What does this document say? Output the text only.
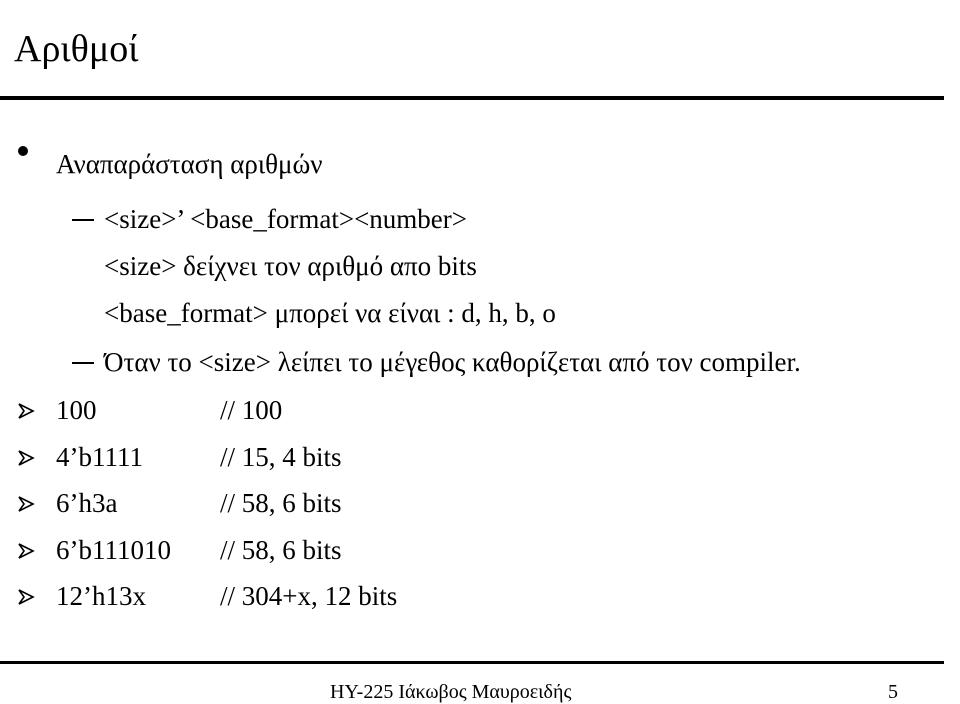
Αριθμοί
Αναπαράσταση αριθμών
<size>’ <base_format><number>
<size> δείχνει τον αριθμό απο bits
<base_format> μπορεί να είναι : d, h, b, o
Όταν το <size> λείπει το μέγεθος καθορίζεται από τον compiler.
100	// 100
4’b1111	// 15, 4 bits
6’h3a	// 58, 6 bits
6’b111010 // 58, 6 bits
12’h13x	// 304+x, 12 bits
HY-225 Ιάκωβος Μαυροειδής	5
